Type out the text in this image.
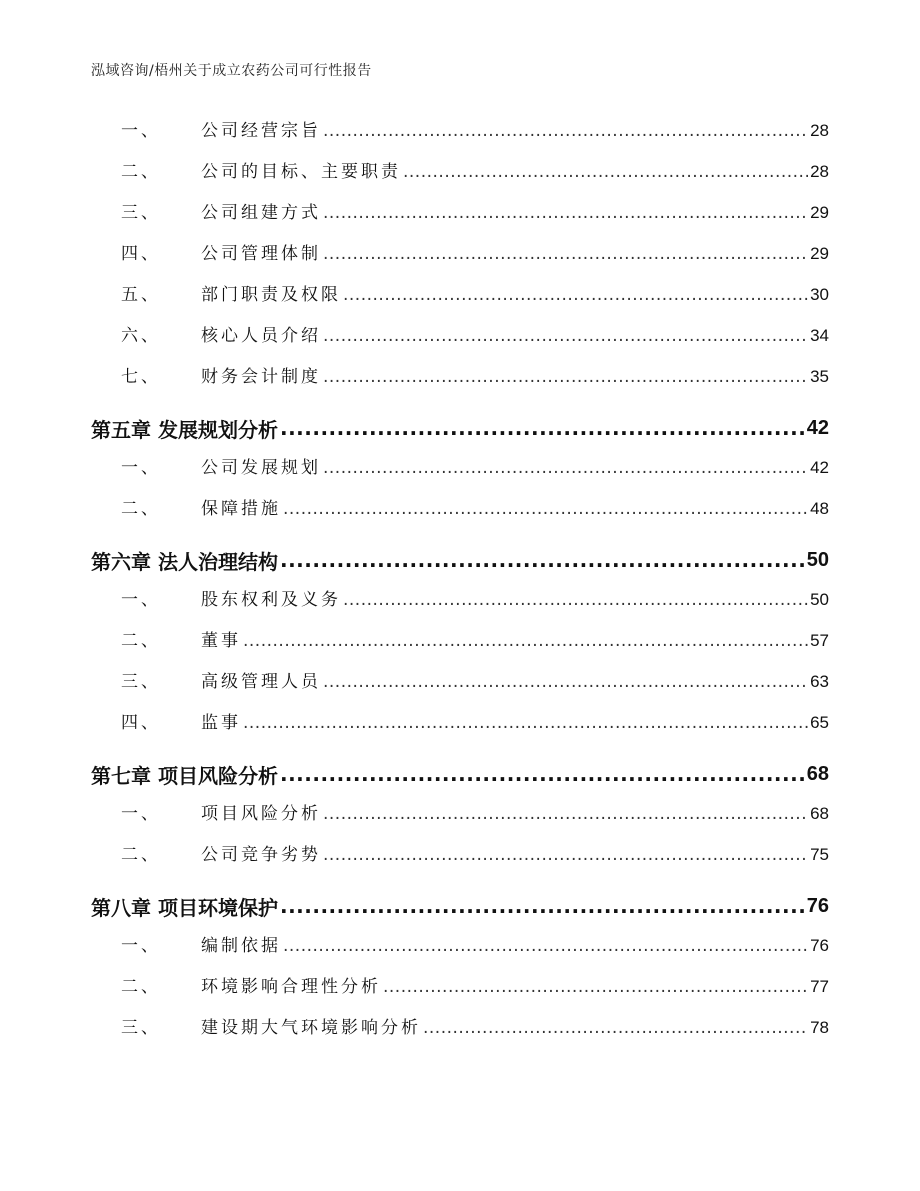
泓域咨询/梧州关于成立农药公司可行性报告
一、	公司经营宗旨 .....	28
二、	公司的目标、主要职责 .....	28
三、	公司组建方式 .....	29
四、	公司管理体制 .....	29
五、	部门职责及权限 .....	30
六、	核心人员介绍 .....	34
七、	财务会计制度 .....	35
第五章 发展规划分析 .....	42
一、	公司发展规划 .....	42
二、	保障措施 .....	48
第六章 法人治理结构 .....	50
一、	股东权利及义务 .....	50
二、	董事 .....	57
三、	高级管理人员 .....	63
四、	监事 .....	65
第七章 项目风险分析 .....	68
一、	项目风险分析 .....	68
二、	公司竞争劣势 .....	75
第八章 项目环境保护 .....	76
一、	编制依据 .....	76
二、	环境影响合理性分析 .....	77
三、	建设期大气环境影响分析 .....	78
